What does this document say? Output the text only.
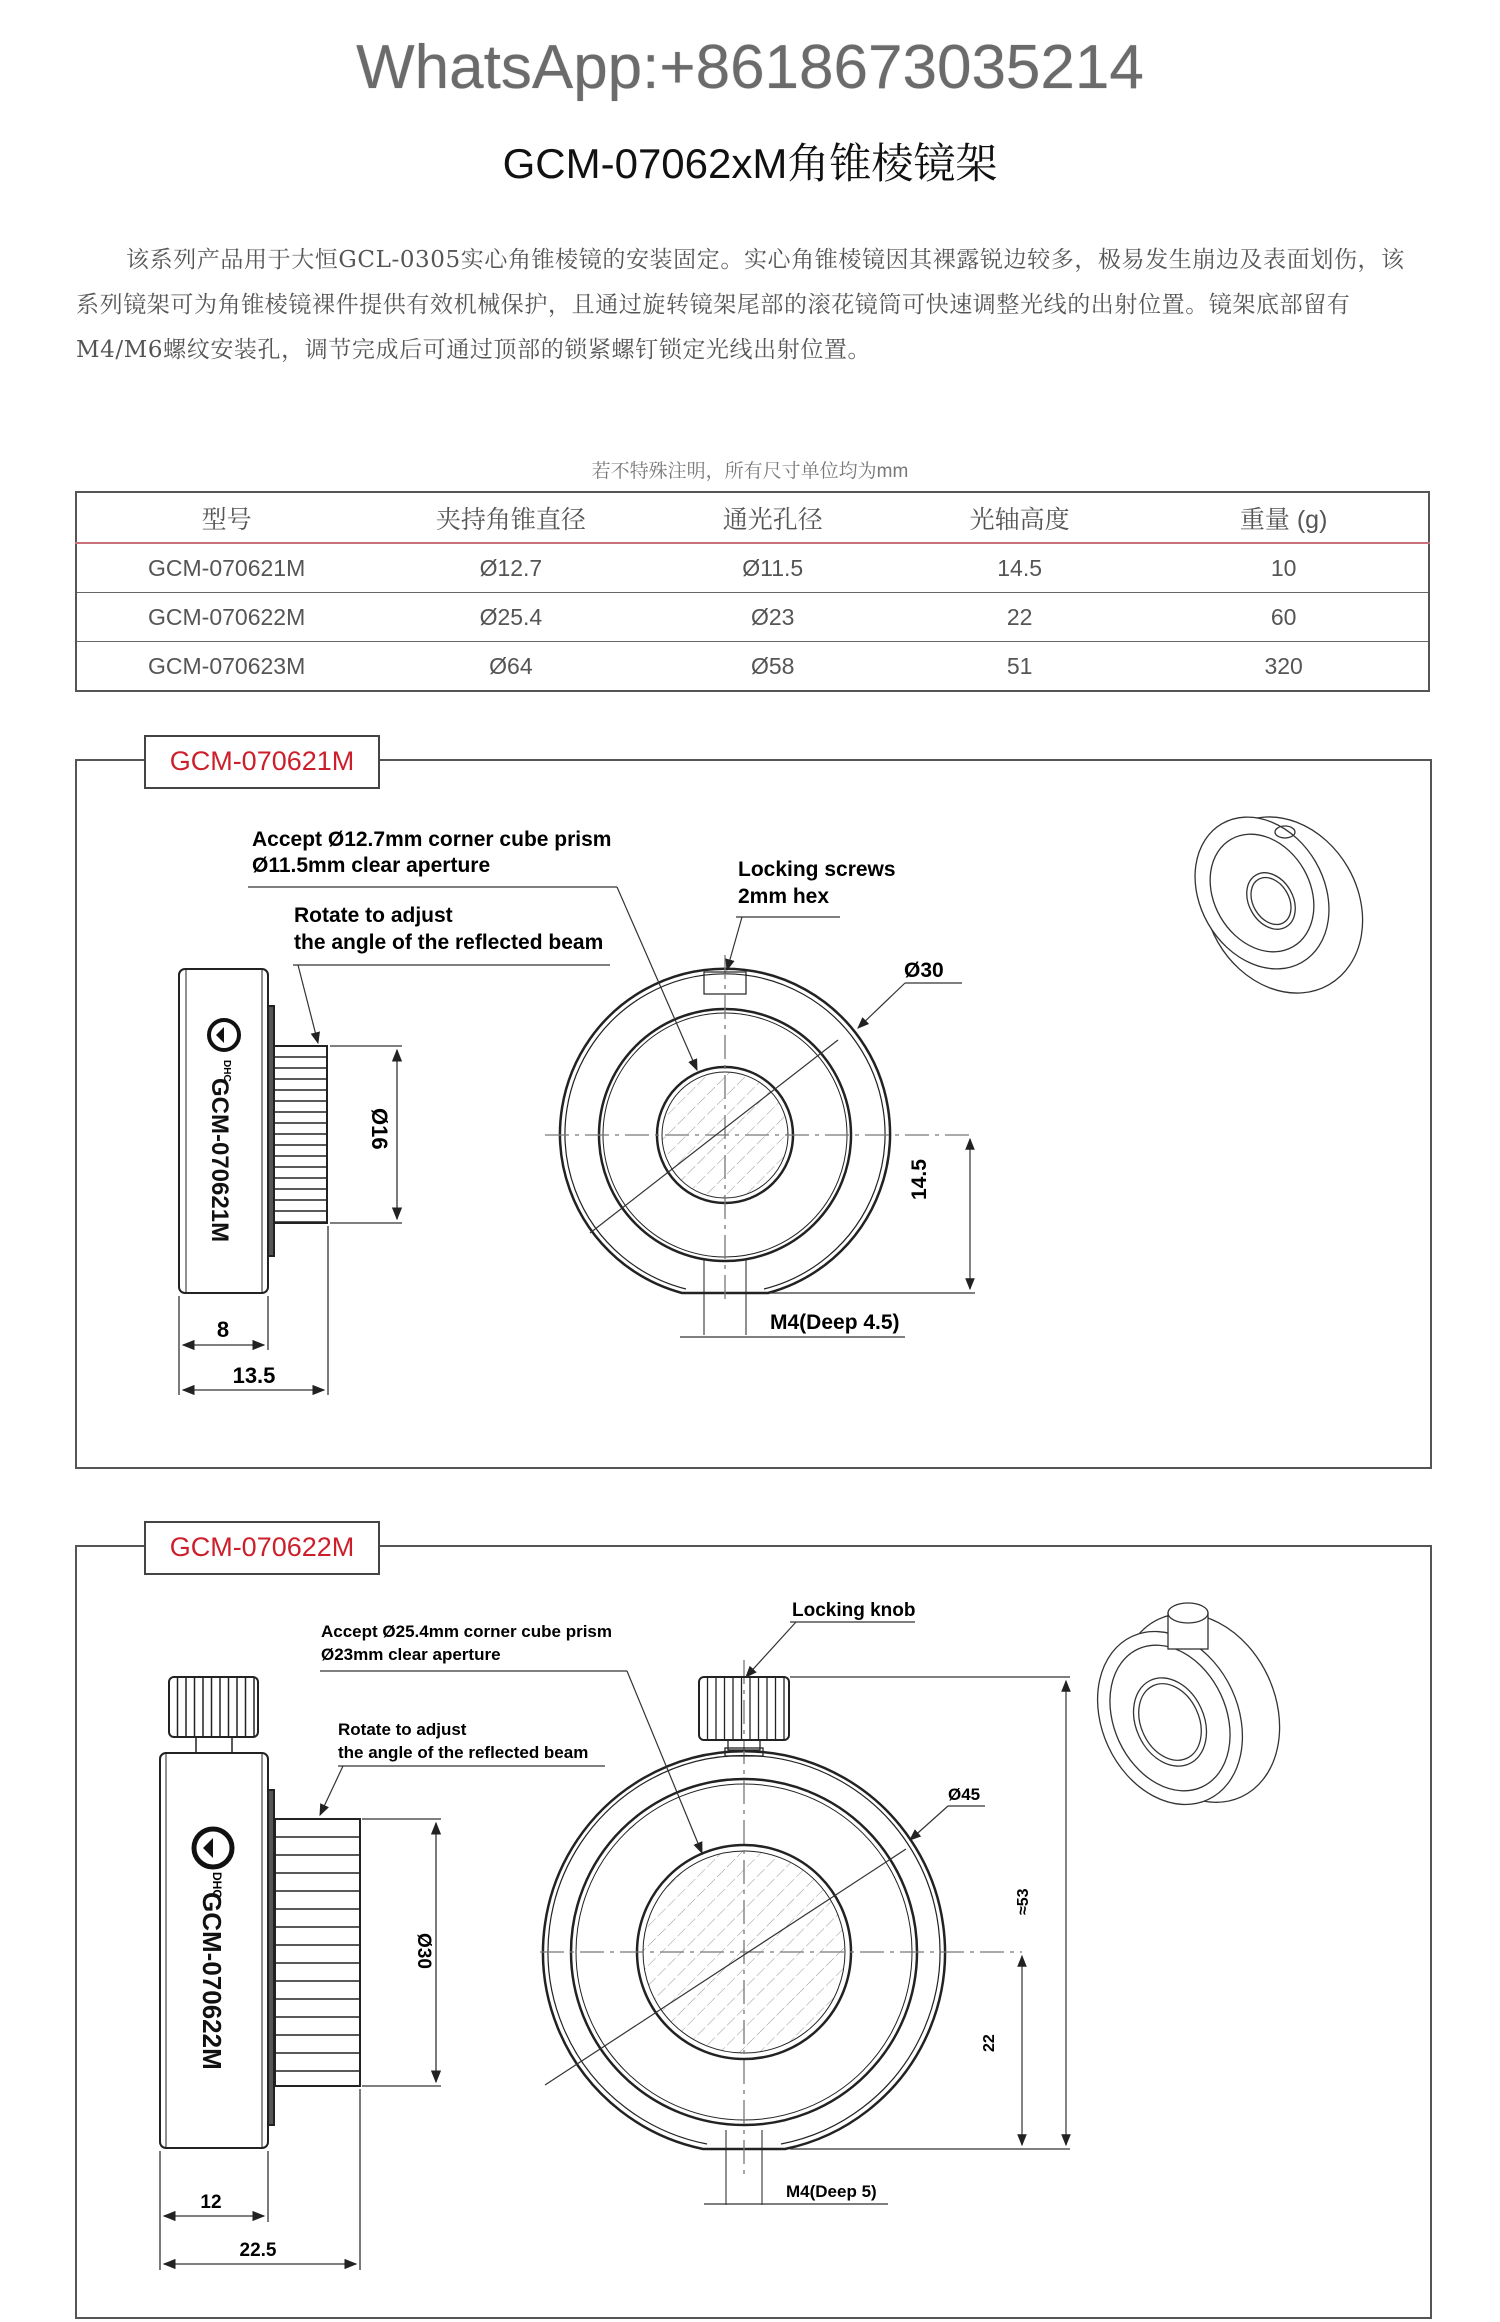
WhatsApp:+8618673035214
GCM-07062xM角锥棱镜架
该系列产品用于大恒GCL-0305实心角锥棱镜的安装固定。实心角锥棱镜因其裸露锐边较多，极易发生崩边及表面划伤，该系列镜架可为角锥棱镜裸件提供有效机械保护，且通过旋转镜架尾部的滚花镜筒可快速调整光线的出射位置。镜架底部留有M4/M6螺纹安装孔，调节完成后可通过顶部的锁紧螺钉锁定光线出射位置。
若不特殊注明，所有尺寸单位均为mm
型号	夹持角锥直径	通光孔径	光轴高度	重量 (g)
GCM-070621M	Ø12.7	Ø11.5	14.5	10
GCM-070622M	Ø25.4	Ø23	22	60
GCM-070623M	Ø64	Ø58	51	320
GCM-070621M
DHC
GCM-070621M	Ø16
8
13.5
Accept Ø12.7mm corner cube prism
Ø11.5mm clear aperture
Rotate to adjust
the angle of the reflected beam
Locking screws
2mm hex
Ø30
14.5
M4(Deep 4.5)
DHC
GCM-070622M	Ø30
12
22.5
Accept Ø25.4mm corner cube prism
Ø23mm clear aperture
Rotate to adjust
the angle of the reflected beam
Locking knob
Ø45
≈53
22
M4(Deep 5)
GCM-070622M
